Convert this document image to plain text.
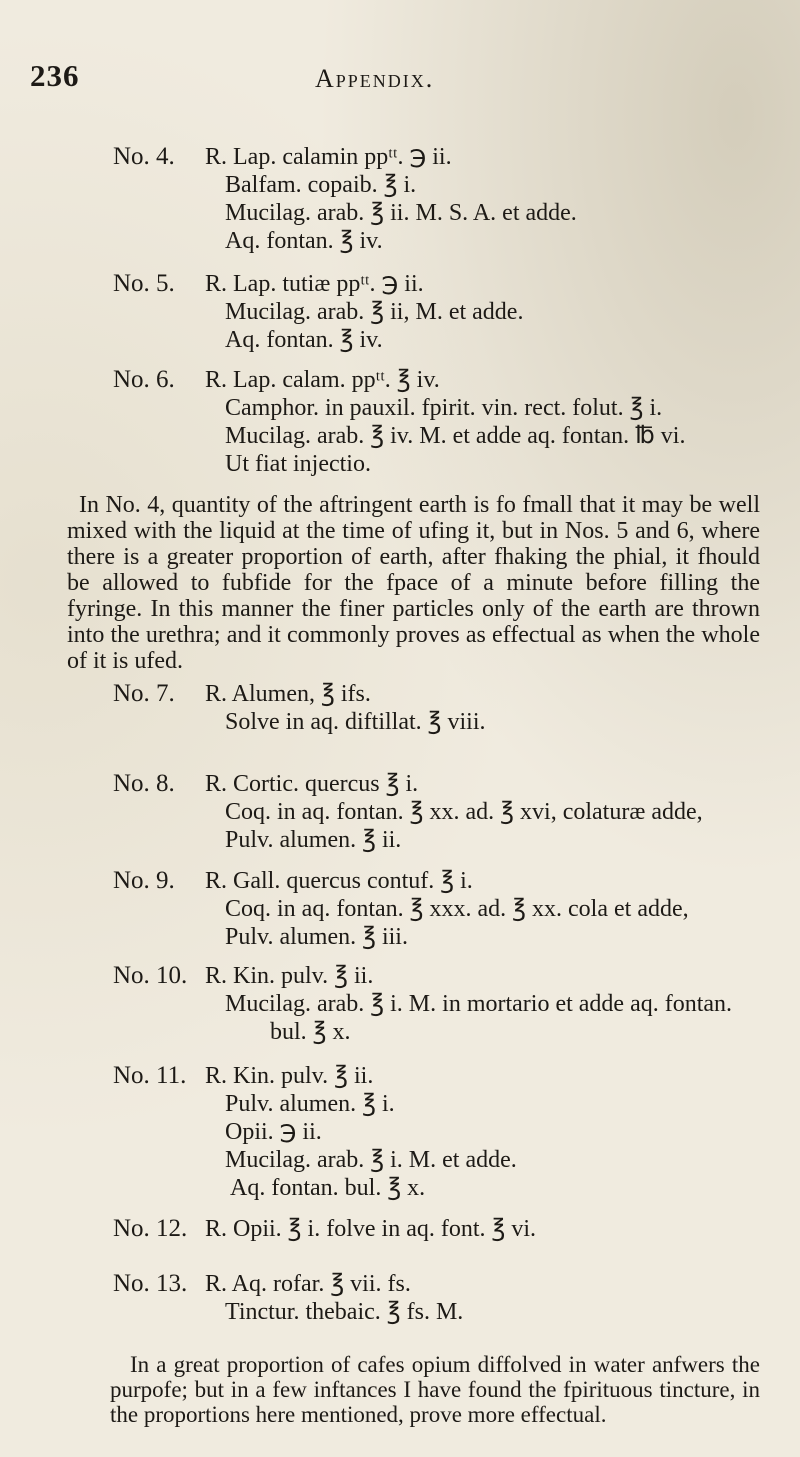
236	Appendix.
No. 4. R. Lap. calamin ppᵗᵗ. ℈ ii.
Balfam. copaib. ℥ i.
Mucilag. arab. ℥ ii. M. S. A. et adde.
Aq. fontan. ℥ iv.
No. 5. R. Lap. tutiæ ppᵗᵗ. ℈ ii.
Mucilag. arab. ℥ ii, M. et adde.
Aq. fontan. ℥ iv.
No. 6. R. Lap. calam. ppᵗᵗ. ℥ iv.
Camphor. in pauxil. fpirit. vin. rect. folut. ℥ i.
Mucilag. arab. ℥ iv. M. et adde aq. fontan. ℔ vi.
Ut fiat injectio.
In No. 4, quantity of the aftringent earth is fo fmall that it may be well mixed with the liquid at the time of ufing it, but in Nos. 5 and 6, where there is a greater proportion of earth, after fhaking the phial, it fhould be allowed to fubfide for the fpace of a minute before filling the fyringe. In this manner the finer particles only of the earth are thrown into the urethra; and it commonly proves as effectual as when the whole of it is ufed.
No. 7. R. Alumen, ℥ ifs.
Solve in aq. diftillat. ℥ viii.
No. 8. R. Cortic. quercus ℥ i.
Coq. in aq. fontan. ℥ xx. ad. ℥ xvi, colaturæ adde,
Pulv. alumen. ℥ ii.
No. 9. R. Gall. quercus contuf. ℥ i.
Coq. in aq. fontan. ℥ xxx. ad. ℥ xx. cola et adde,
Pulv. alumen. ℥ iii.
No. 10. R. Kin. pulv. ℥ ii.
Mucilag. arab. ℥ i. M. in mortario et adde aq. fontan.
bul. ℥ x.
No. 11. R. Kin. pulv. ℥ ii.
Pulv. alumen. ℥ i.
Opii. ℈ ii.
Mucilag. arab. ℥ i. M. et adde.
Aq. fontan. bul. ℥ x.
No. 12. R. Opii. ℥ i. folve in aq. font. ℥ vi.
No. 13. R. Aq. rofar. ℥ vii. fs.
Tinctur. thebaic. ℥ fs. M.
In a great proportion of cafes opium diffolved in water anfwers the purpofe; but in a few inftances I have found the fpirituous tincture, in the proportions here mentioned, prove more effectual.
